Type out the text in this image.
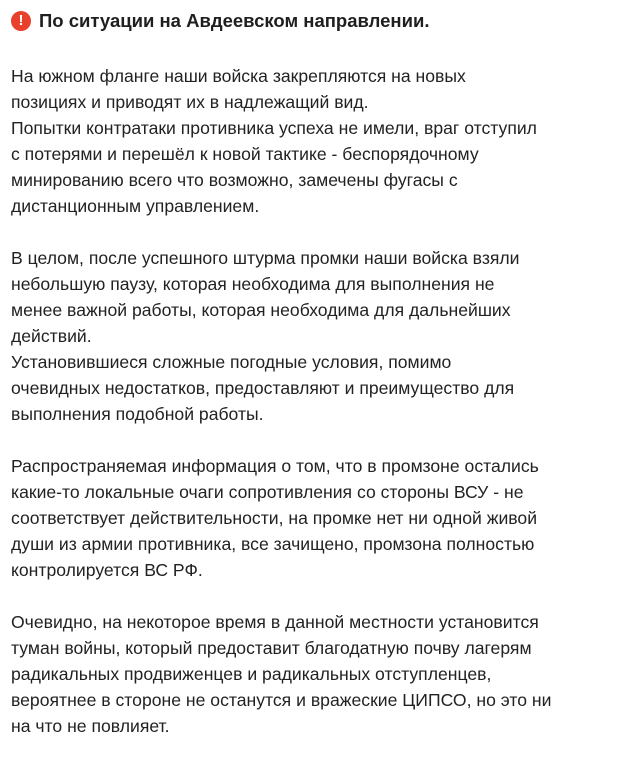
! По ситуации на Авдеевском направлении.
На южном фланге наши войска закрепляются на новых
позициях и приводят их в надлежащий вид.
Попытки контратаки противника успеха не имели, враг отступил
с потерями и перешёл к новой тактике - беспорядочному
минированию всего что возможно, замечены фугасы с
дистанционным управлением.
В целом, после успешного штурма промки наши войска взяли
небольшую паузу, которая необходима для выполнения не
менее важной работы, которая необходима для дальнейших
действий.
Установившиеся сложные погодные условия, помимо
очевидных недостатков, предоставляют и преимущество для
выполнения подобной работы.
Распространяемая информация о том, что в промзоне остались
какие-то локальные очаги сопротивления со стороны ВСУ - не
соответствует действительности, на промке нет ни одной живой
души из армии противника, все зачищено, промзона полностью
контролируется ВС РФ.
Очевидно, на некоторое время в данной местности установится
туман войны, который предоставит благодатную почву лагерям
радикальных продвиженцев и радикальных отступленцев,
вероятнее в стороне не останутся и вражеские ЦИПСО, но это ни
на что не повлияет.
